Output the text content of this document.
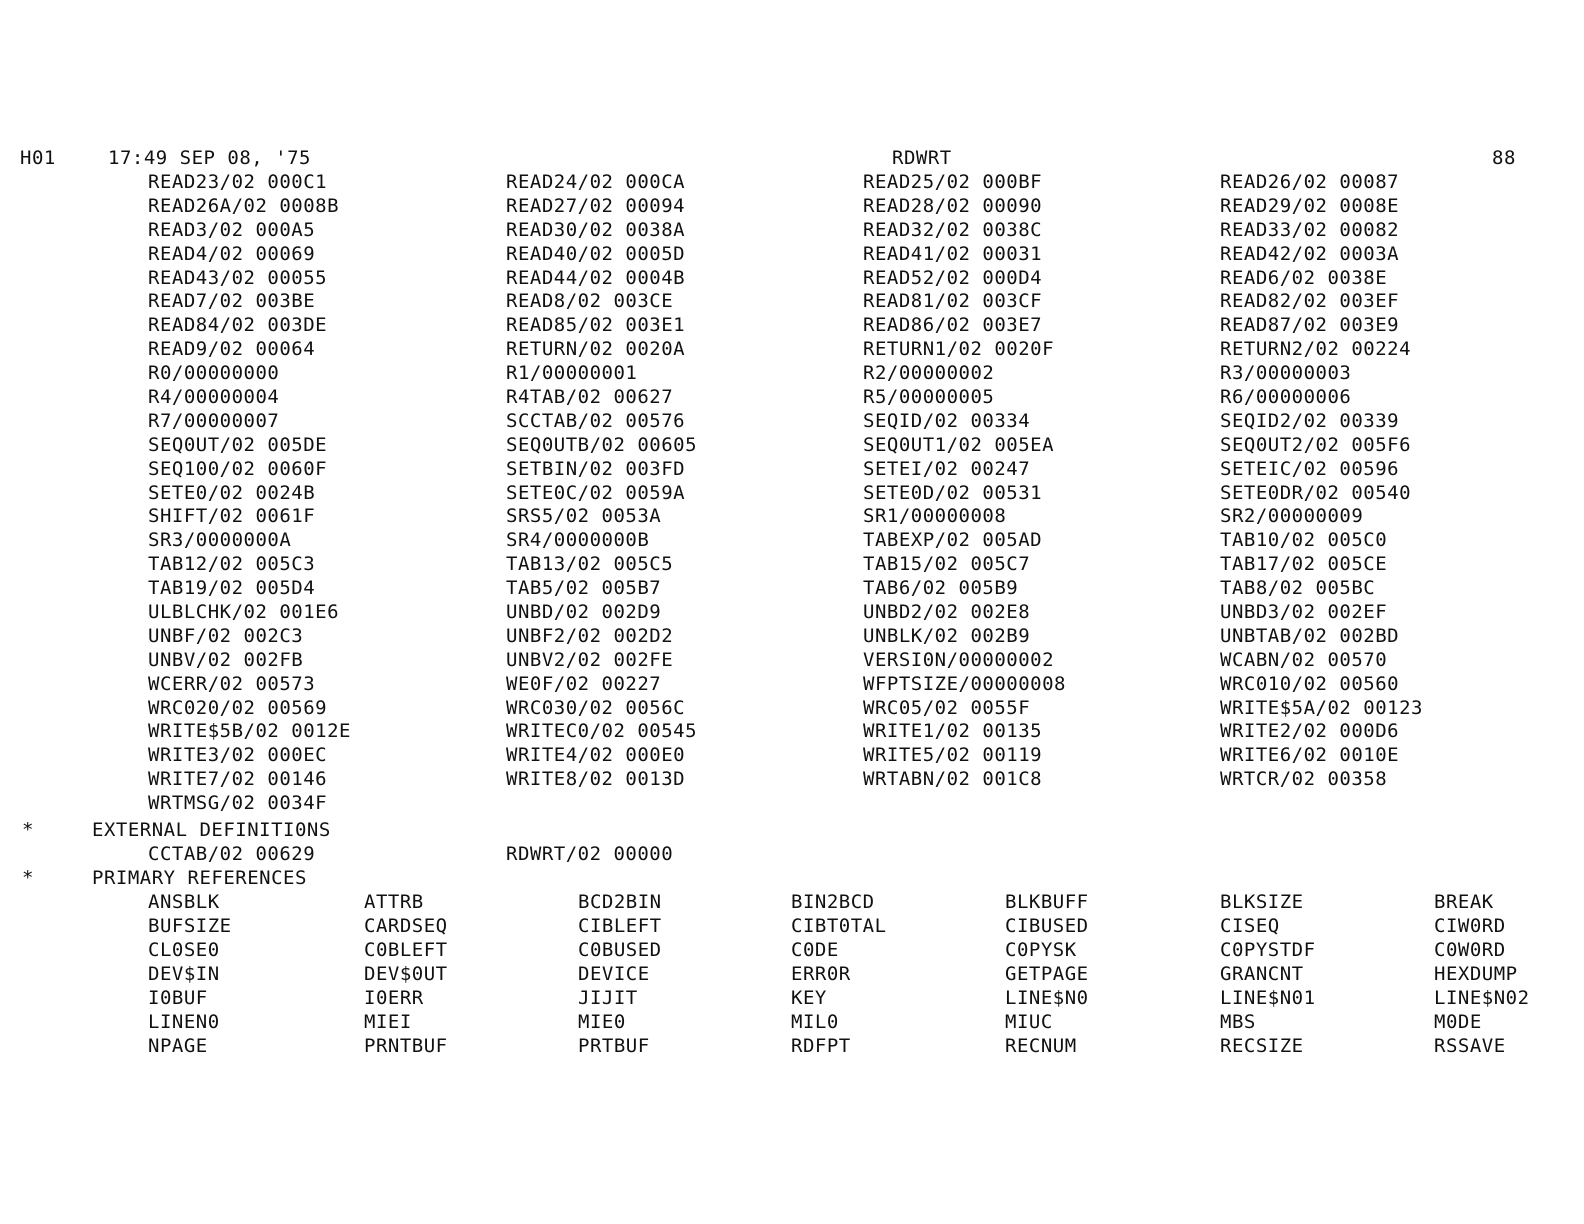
H01	17:49 SEP 08, '75	RDWRT	88
READ23/02 000C1	READ24/02 000CA	READ25/02 000BF	READ26/02 00087
READ26A/02 0008B	READ27/02 00094	READ28/02 00090	READ29/02 0008E
READ3/02 000A5	READ30/02 0038A	READ32/02 0038C	READ33/02 00082
READ4/02 00069	READ40/02 0005D	READ41/02 00031	READ42/02 0003A
READ43/02 00055	READ44/02 0004B	READ52/02 000D4	READ6/02 0038E
READ7/02 003BE	READ8/02 003CE	READ81/02 003CF	READ82/02 003EF
READ84/02 003DE	READ85/02 003E1	READ86/02 003E7	READ87/02 003E9
READ9/02 00064	RETURN/02 0020A	RETURN1/02 0020F	RETURN2/02 00224
R0/00000000	R1/00000001	R2/00000002	R3/00000003
R4/00000004	R4TAB/02 00627	R5/00000005	R6/00000006
R7/00000007	SCCTAB/02 00576	SEQID/02 00334	SEQID2/02 00339
SEQ0UT/02 005DE	SEQ0UTB/02 00605	SEQ0UT1/02 005EA	SEQ0UT2/02 005F6
SEQ100/02 0060F	SETBIN/02 003FD	SETEI/02 00247	SETEIC/02 00596
SETE0/02 0024B	SETE0C/02 0059A	SETE0D/02 00531	SETE0DR/02 00540
SHIFT/02 0061F	SRS5/02 0053A	SR1/00000008	SR2/00000009
SR3/0000000A	SR4/0000000B	TABEXP/02 005AD	TAB10/02 005C0
TAB12/02 005C3	TAB13/02 005C5	TAB15/02 005C7	TAB17/02 005CE
TAB19/02 005D4	TAB5/02 005B7	TAB6/02 005B9	TAB8/02 005BC
ULBLCHK/02 001E6	UNBD/02 002D9	UNBD2/02 002E8	UNBD3/02 002EF
UNBF/02 002C3	UNBF2/02 002D2	UNBLK/02 002B9	UNBTAB/02 002BD
UNBV/02 002FB	UNBV2/02 002FE	VERSI0N/00000002	WCABN/02 00570
WCERR/02 00573	WE0F/02 00227	WFPTSIZE/00000008	WRC010/02 00560
WRC020/02 00569	WRC030/02 0056C	WRC05/02 0055F	WRITE$5A/02 00123
WRITE$5B/02 0012E	WRITEC0/02 00545	WRITE1/02 00135	WRITE2/02 000D6
WRITE3/02 000EC	WRITE4/02 000E0	WRITE5/02 00119	WRITE6/02 0010E
WRITE7/02 00146	WRITE8/02 0013D	WRTABN/02 001C8	WRTCR/02 00358
WRTMSG/02 0034F
*	EXTERNAL DEFINITI0NS
CCTAB/02 00629	RDWRT/02 00000
*	PRIMARY REFERENCES
ANSBLK	ATTRB	BCD2BIN	BIN2BCD	BLKBUFF	BLKSIZE	BREAK
BUFSIZE	CARDSEQ	CIBLEFT	CIBT0TAL	CIBUSED	CISEQ	CIW0RD
CL0SE0	C0BLEFT	C0BUSED	C0DE	C0PYSK	C0PYSTDF	C0W0RD
DEV$IN	DEV$0UT	DEVICE	ERR0R	GETPAGE	GRANCNT	HEXDUMP
I0BUF	I0ERR	JIJIT	KEY	LINE$N0	LINE$N01	LINE$N02
LINEN0	MIEI	MIE0	MIL0	MIUC	MBS	M0DE
NPAGE	PRNTBUF	PRTBUF	RDFPT	RECNUM	RECSIZE	RSSAVE
